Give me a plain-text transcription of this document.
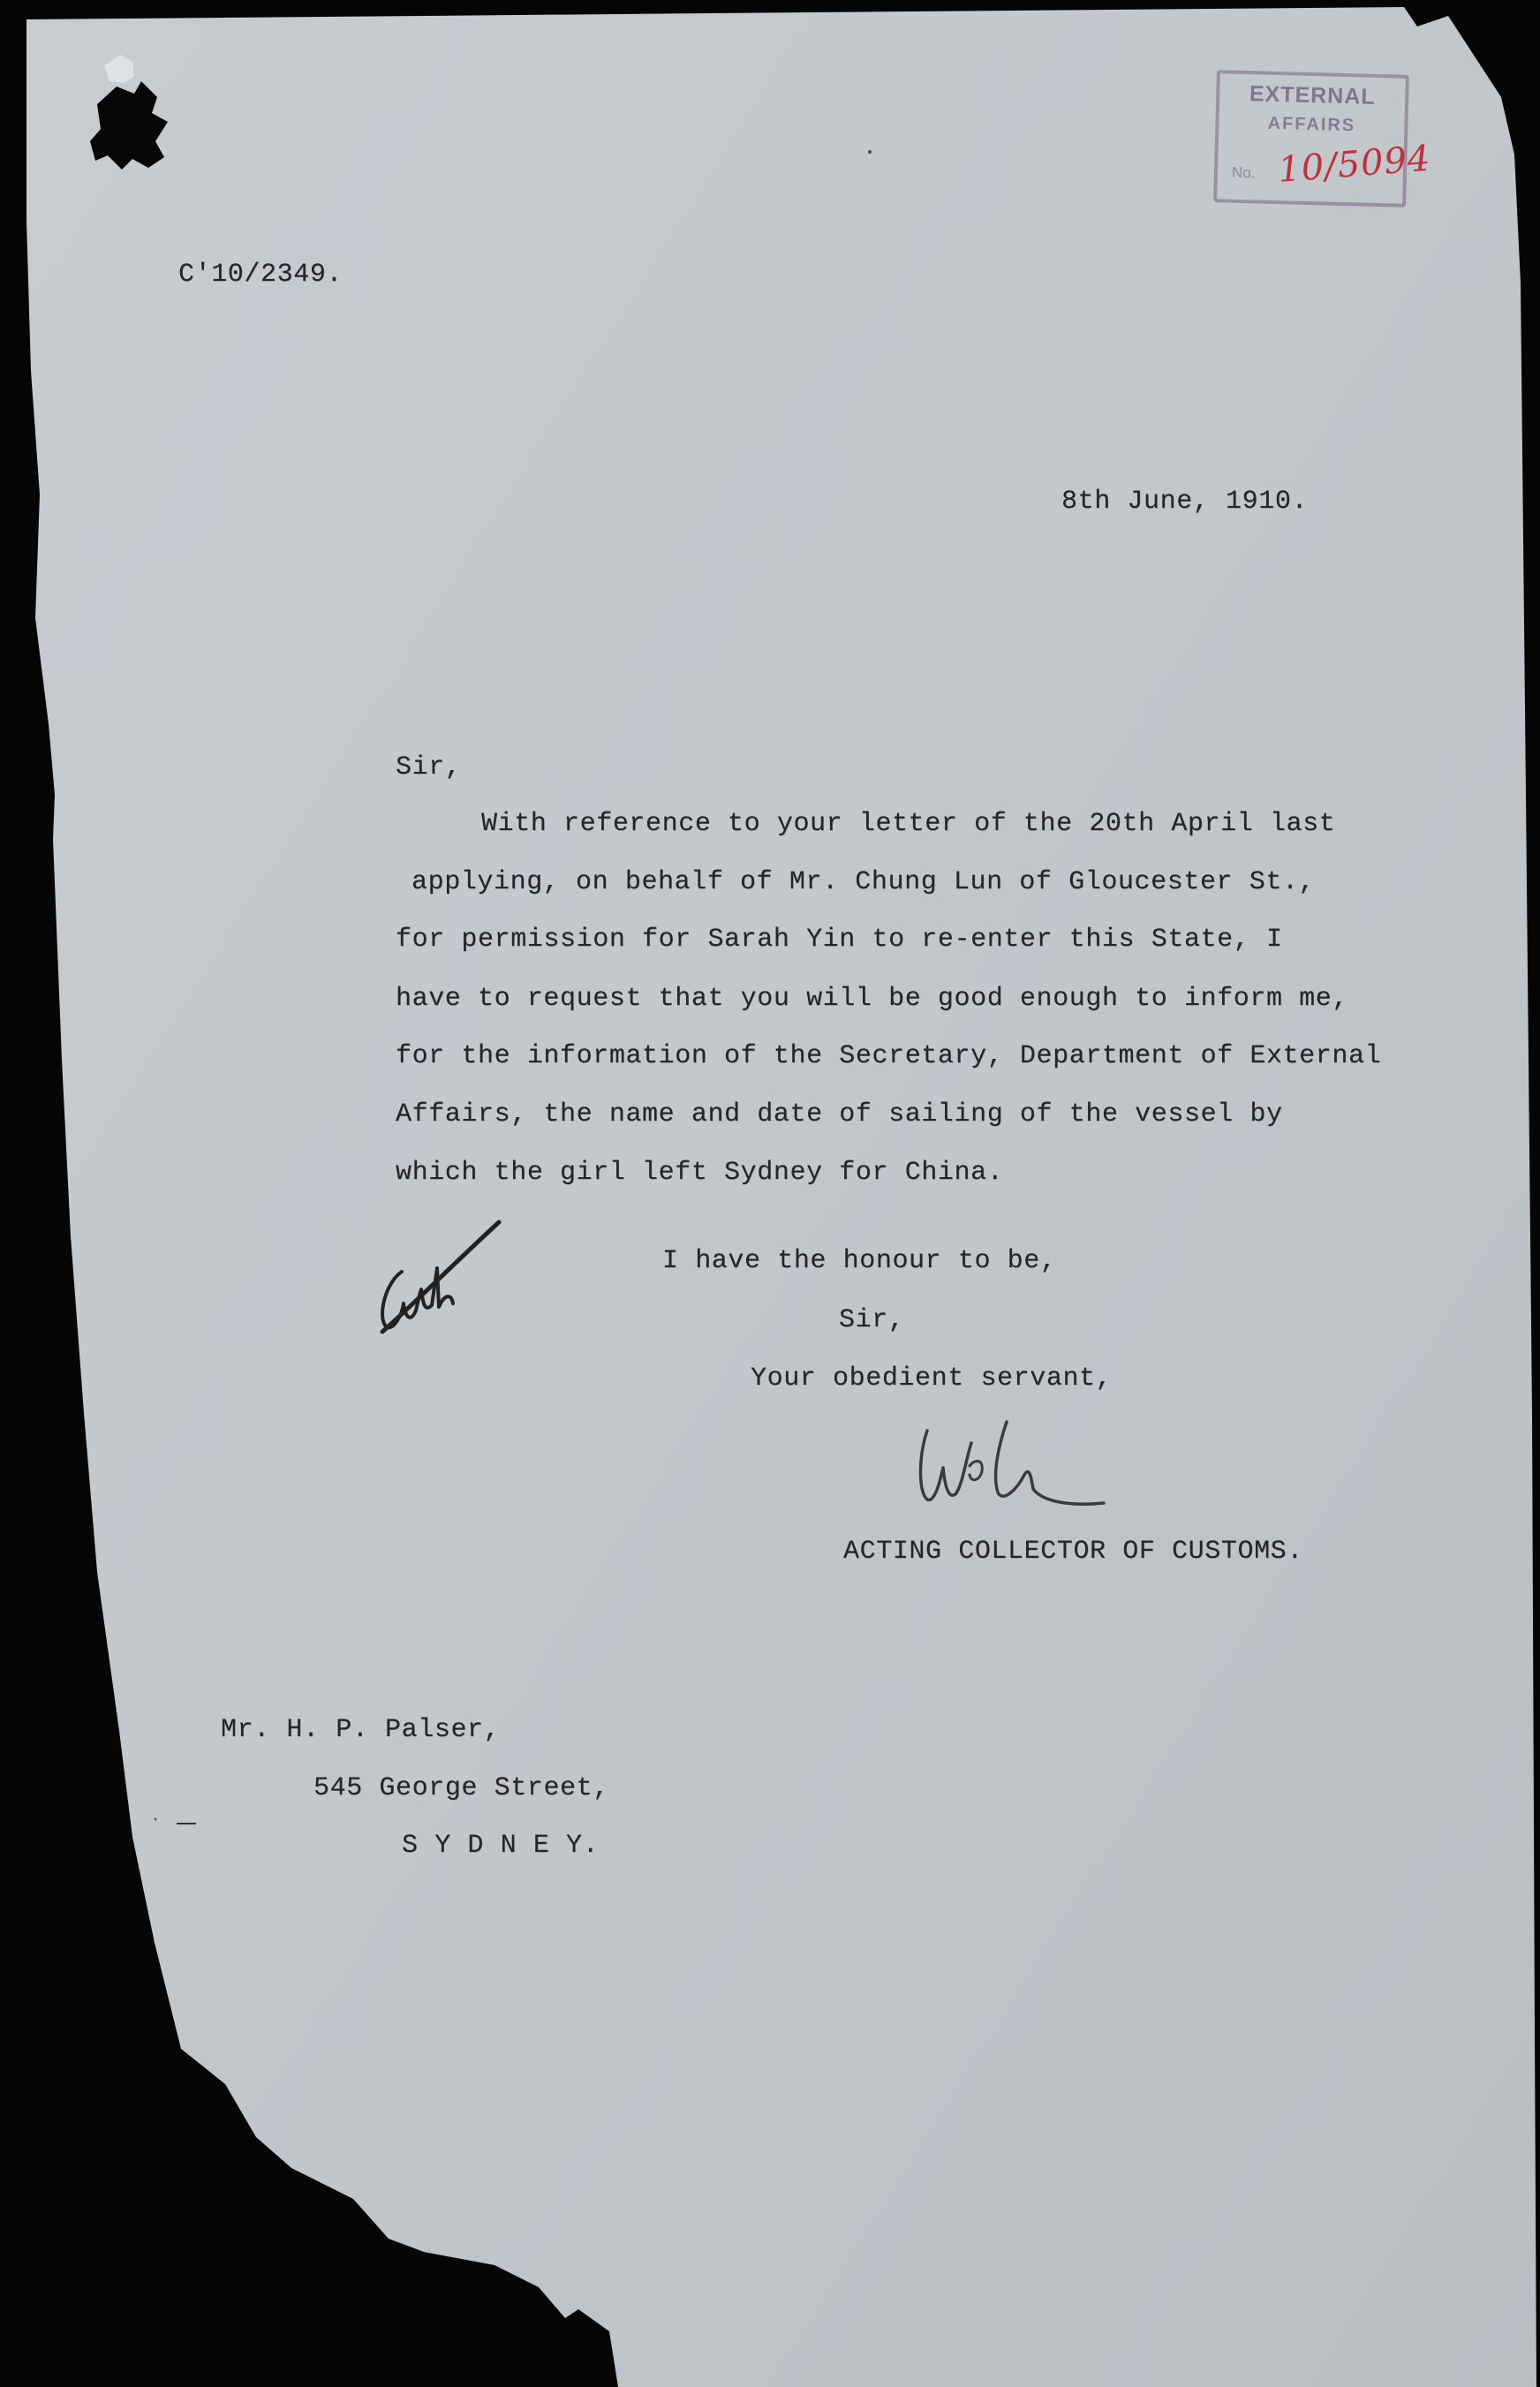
C'10/2349.
8th June, 1910.
Sir,
With reference to your letter of the 20th April last
applying, on behalf of Mr. Chung Lun of Gloucester St.,
for permission for Sarah Yin to re-enter this State, I
have to request that you will be good enough to inform me,
for the information of the Secretary, Department of External
Affairs, the name and date of sailing of the vessel by
which the girl left Sydney for China.
I have the honour to be,
Sir,
Your obedient servant,
ACTING COLLECTOR OF CUSTOMS.
Mr. H. P. Palser,
545 George Street,
S Y D N E Y.
EXTERNAL
AFFAIRS
No. 10/5094
